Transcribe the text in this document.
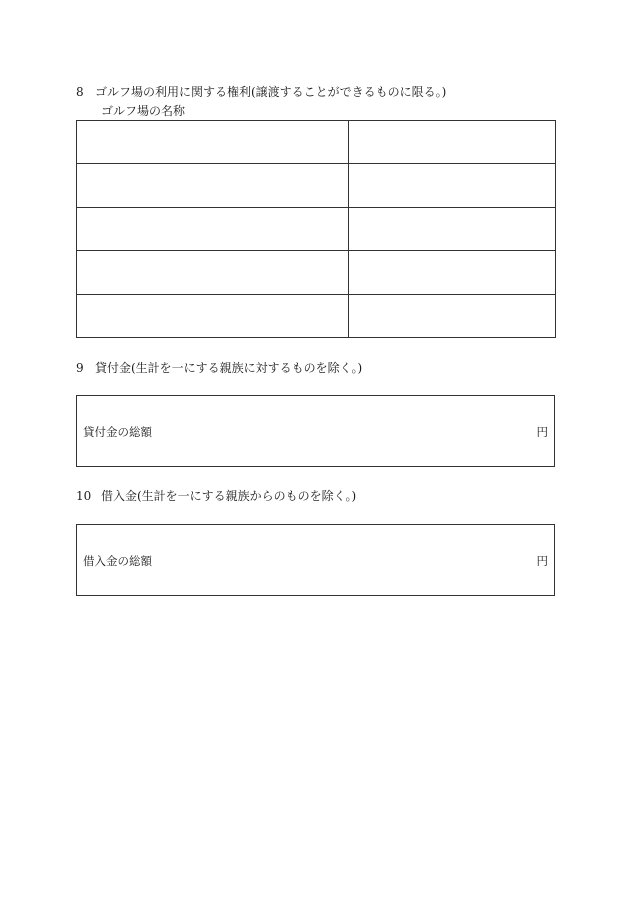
8 ゴルフ場の利用に関する権利(譲渡することができるものに限る。)
ゴルフ場の名称

9 貸付金(生計を一にする親族に対するものを除く。)
貸付金の総額	円
10 借入金(生計を一にする親族からのものを除く。)
借入金の総額	円
